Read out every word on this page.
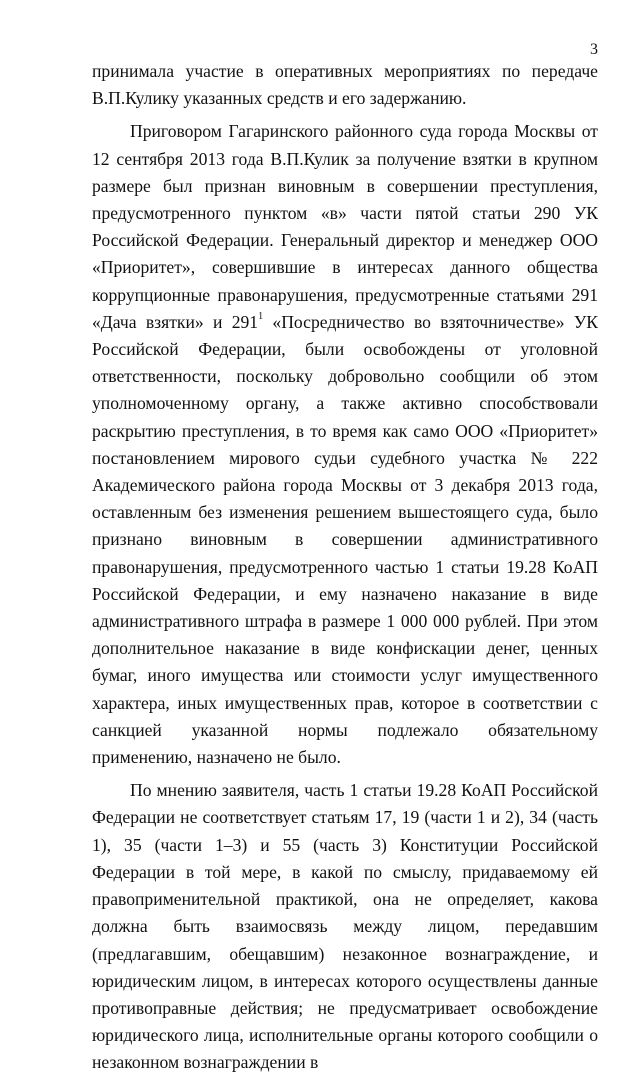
3

принимала участие в оперативных мероприятиях по передаче В.П.Кулику указанных средств и его задержанию.

Приговором Гагаринского районного суда города Москвы от 12 сентября 2013 года В.П.Кулик за получение взятки в крупном размере был признан виновным в совершении преступления, предусмотренного пунктом «в» части пятой статьи 290 УК Российской Федерации. Генеральный директор и менеджер ООО «Приоритет», совершившие в интересах данного общества коррупционные правонарушения, предусмотренные статьями 291 «Дача взятки» и $291^1$ «Посредничество во взяточничестве» УК Российской Федерации, были освобождены от уголовной ответственности, поскольку добровольно сообщили об этом уполномоченному органу, а также активно способствовали раскрытию преступления, в то время как само ООО «Приоритет» постановлением мирового судьи судебного участка № 222 Академического района города Москвы от 3 декабря 2013 года, оставленным без изменения решением вышестоящего суда, было признано виновным в совершении административного правонарушения, предусмотренного частью 1 статьи 19.28 КоАП Российской Федерации, и ему назначено наказание в виде административного штрафа в размере 1 000 000 рублей. При этом дополнительное наказание в виде конфискации денег, ценных бумаг, иного имущества или стоимости услуг имущественного характера, иных имущественных прав, которое в соответствии с санкцией указанной нормы подлежало обязательному применению, назначено не было.

По мнению заявителя, часть 1 статьи 19.28 КоАП Российской Федерации не соответствует статьям 17, 19 (части 1 и 2), 34 (часть 1), 35 (части 1–3) и 55 (часть 3) Конституции Российской Федерации в той мере, в какой по смыслу, придаваемому ей правоприменительной практикой, она не определяет, какова должна быть взаимосвязь между лицом, передавшим (предлагавшим, обещавшим) незаконное вознаграждение, и юридическим лицом, в интересах которого осуществлены данные противоправные действия; не предусматривает освобождение юридического лица, исполнительные органы которого сообщили о незаконном вознаграждении в
